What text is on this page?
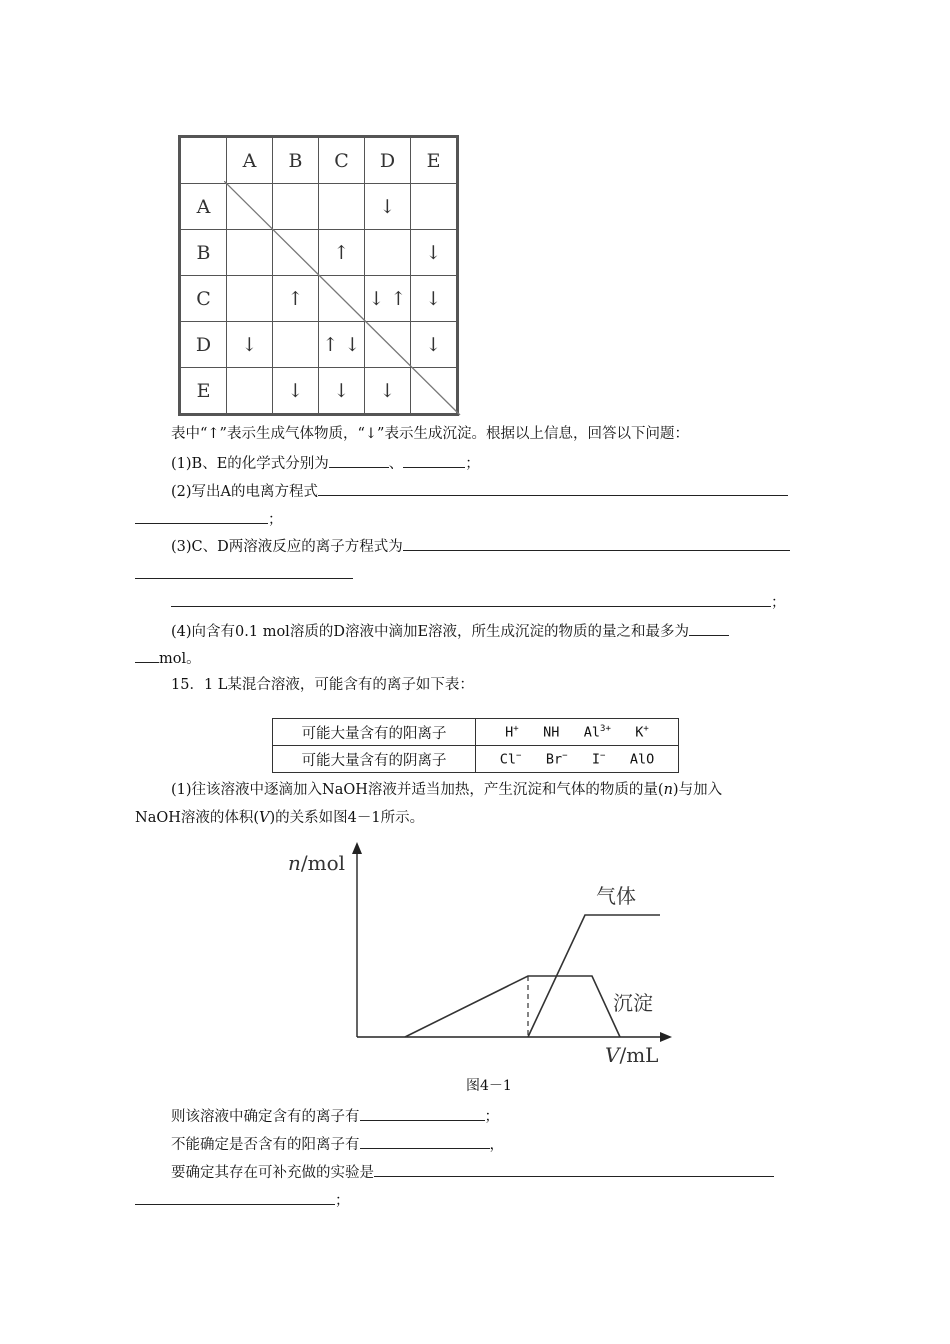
	A	B	C	D	E
A				↓	
B			↑		↓
C		↑		↓ ↑	↓
D	↓		↑ ↓		↓
E		↓	↓	↓	
表中“↑”表示生成气体物质，“↓”表示生成沉淀。根据以上信息，回答以下问题：
(1)B、E的化学式分别为	、	；
(2)写出A的电离方程式
；
(3)C、D两溶液反应的离子方程式为
；
(4)向含有0.1 mol溶质的D溶液中滴加E溶液，所生成沉淀的物质的量之和最多为
mol。
15．1 L某混合溶液，可能含有的离子如下表：
可能大量含有的阳离子	H+ NH $Al^{3+}$ K+
可能大量含有的阴离子	Cl− Br− I− AlO
(1)往该溶液中逐滴加入NaOH溶液并适当加热，产生沉淀和气体的物质的量(n)与加入
NaOH溶液的体积(V)的关系如图4－1所示。
n/mol
V/mL
气体
沉淀
图4－1
则该溶液中确定含有的离子有	；
不能确定是否含有的阳离子有	，
要确定其存在可补充做的实验是
；
